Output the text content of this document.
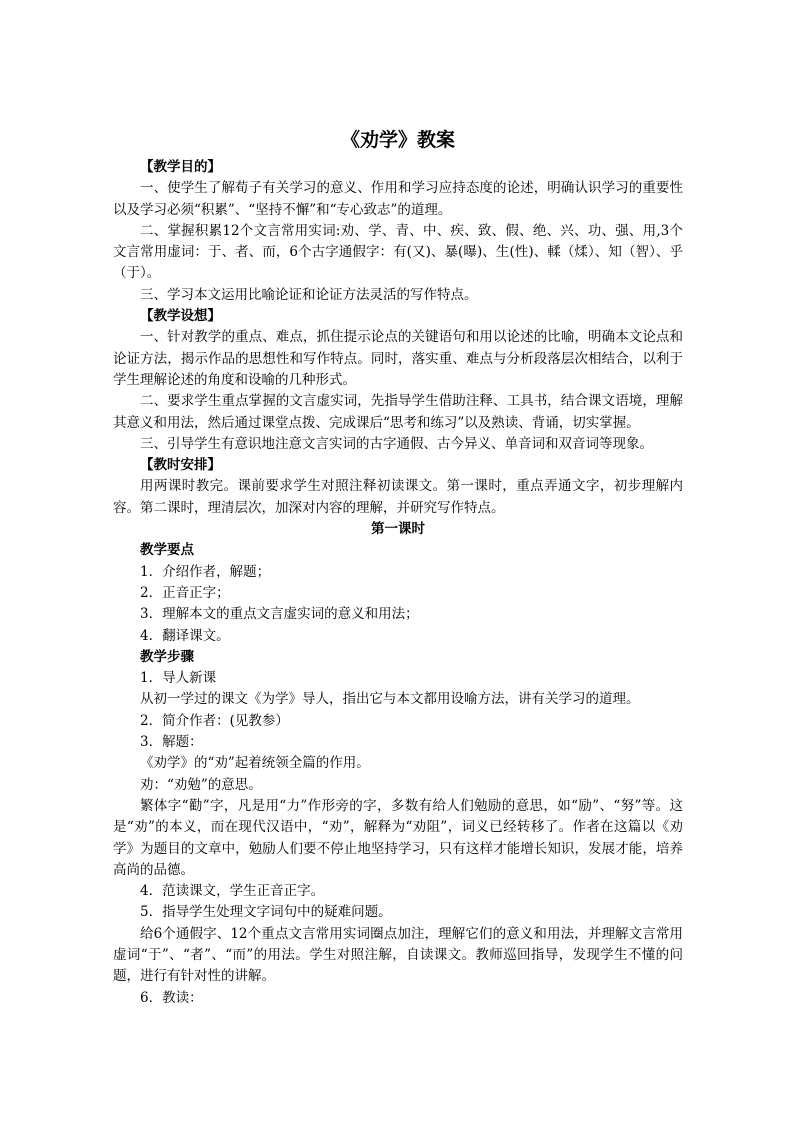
《劝学》教案
【教学目的】

一、使学生了解荀子有关学习的意义、作用和学习应持态度的论述，明确认识学习的重要性以及学习必须“积累”、“坚持不懈”和“专心致志”的道理。

二、掌握积累12个文言常用实词:劝、学、青、中、疾、致、假、绝、兴、功、强、用,3个文言常用虚词：于、者、而，6个古字通假字：有(又)、暴(曝)、生(性)、輮（煣）、知（智）、乎（于）。

三、学习本文运用比喻论证和论证方法灵活的写作特点。

【教学设想】

一、针对教学的重点、难点，抓住提示论点的关键语句和用以论述的比喻，明确本文论点和论证方法，揭示作品的思想性和写作特点。同时，落实重、难点与分析段落层次相结合，以利于学生理解论述的角度和设喻的几种形式。

二、要求学生重点掌握的文言虚实词，先指导学生借助注释、工具书，结合课文语境，理解其意义和用法，然后通过课堂点拨、完成课后“思考和练习”以及熟读、背诵，切实掌握。

三、引导学生有意识地注意文言实词的古字通假、古今异义、单音词和双音词等现象。

【教时安排】

用两课时教完。课前要求学生对照注释初读课文。第一课时，重点弄通文字，初步理解内容。第二课时，理清层次，加深对内容的理解，并研究写作特点。

第一课时
教学要点
1．介绍作者，解题；
2．正音正字；
3．理解本文的重点文言虚实词的意义和用法；
4．翻译课文。
教学步骤
1．导人新课
从初一学过的课文《为学》导人，指出它与本文都用设喻方法，讲有关学习的道理。
2．简介作者：(见教参）
3．解题：
《劝学》的“劝”起着统领全篇的作用。
劝：“劝勉”的意思。

繁体字“勸”字，凡是用“力”作形旁的字，多数有给人们勉励的意思，如“励”、“努”等。这是“劝”的本义，而在现代汉语中，“劝”，解释为“劝阻”，词义已经转移了。作者在这篇以《劝学》为题目的文章中，勉励人们要不停止地坚持学习，只有这样才能增长知识，发展才能，培养高尚的品德。

4．范读课文，学生正音正字。
5．指导学生处理文字词句中的疑难问题。

给6个通假字、12个重点文言常用实词圈点加注，理解它们的意义和用法，并理解文言常用虚词“于”、“者”、“而”的用法。学生对照注解，自读课文。教师巡回指导，发现学生不懂的问题，进行有针对性的讲解。

6．教读：
